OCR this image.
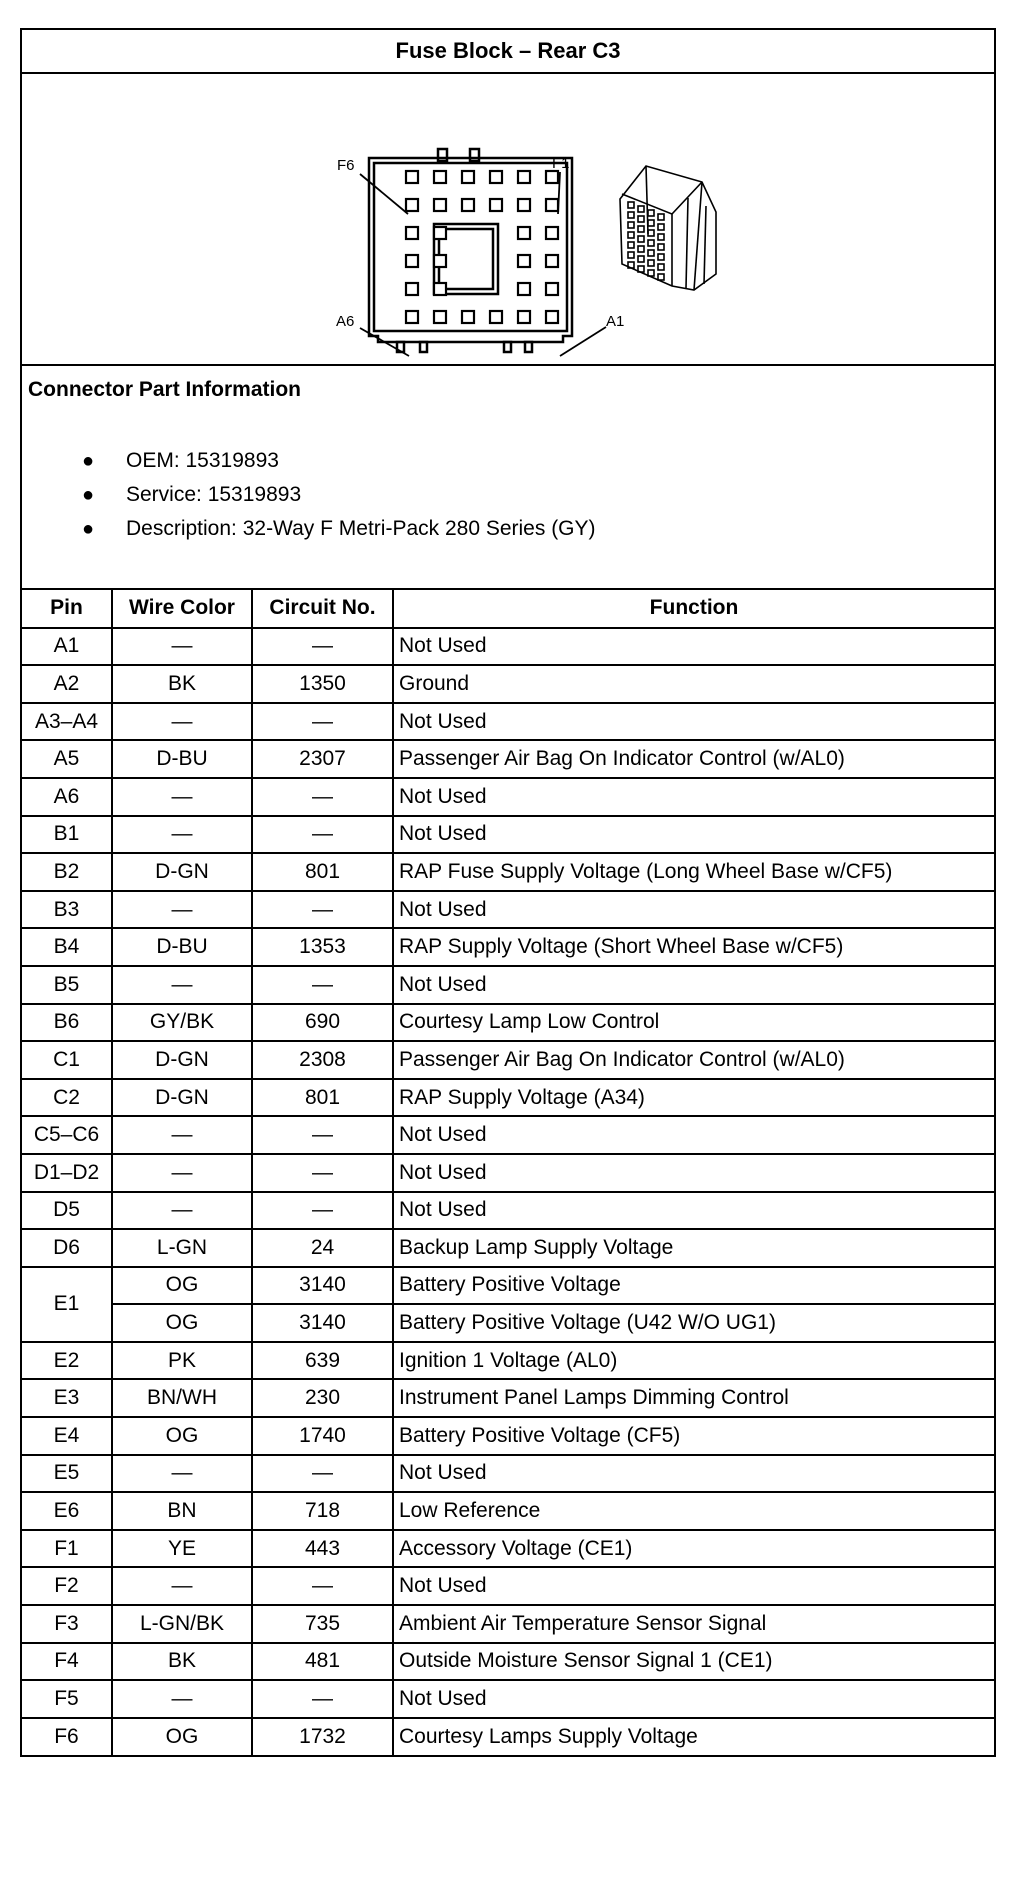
Fuse Block – Rear C3
F6	F1
A6	A1
Connector Part Information
● OEM: 15319893
● Service: 15319893
● Description: 32-Way F Metri-Pack 280 Series (GY)
Pin	Wire Color	Circuit No.	Function
A1	—	—	Not Used
A2	BK	1350	Ground
A3–A4	—	—	Not Used
A5	D-BU	2307	Passenger Air Bag On Indicator Control (w/AL0)
A6	—	—	Not Used
B1	—	—	Not Used
B2	D-GN	801	RAP Fuse Supply Voltage (Long Wheel Base w/CF5)
B3	—	—	Not Used
B4	D-BU	1353	RAP Supply Voltage (Short Wheel Base w/CF5)
B5	—	—	Not Used
B6	GY/BK	690	Courtesy Lamp Low Control
C1	D-GN	2308	Passenger Air Bag On Indicator Control (w/AL0)
C2	D-GN	801	RAP Supply Voltage (A34)
C5–C6	—	—	Not Used
D1–D2	—	—	Not Used
D5	—	—	Not Used
D6	L-GN	24	Backup Lamp Supply Voltage
E1	OG	3140	Battery Positive Voltage
	OG	3140	Battery Positive Voltage (U42 W/O UG1)
E2	PK	639	Ignition 1 Voltage (AL0)
E3	BN/WH	230	Instrument Panel Lamps Dimming Control
E4	OG	1740	Battery Positive Voltage (CF5)
E5	—	—	Not Used
E6	BN	718	Low Reference
F1	YE	443	Accessory Voltage (CE1)
F2	—	—	Not Used
F3	L-GN/BK	735	Ambient Air Temperature Sensor Signal
F4	BK	481	Outside Moisture Sensor Signal 1 (CE1)
F5	—	—	Not Used
F6	OG	1732	Courtesy Lamps Supply Voltage
